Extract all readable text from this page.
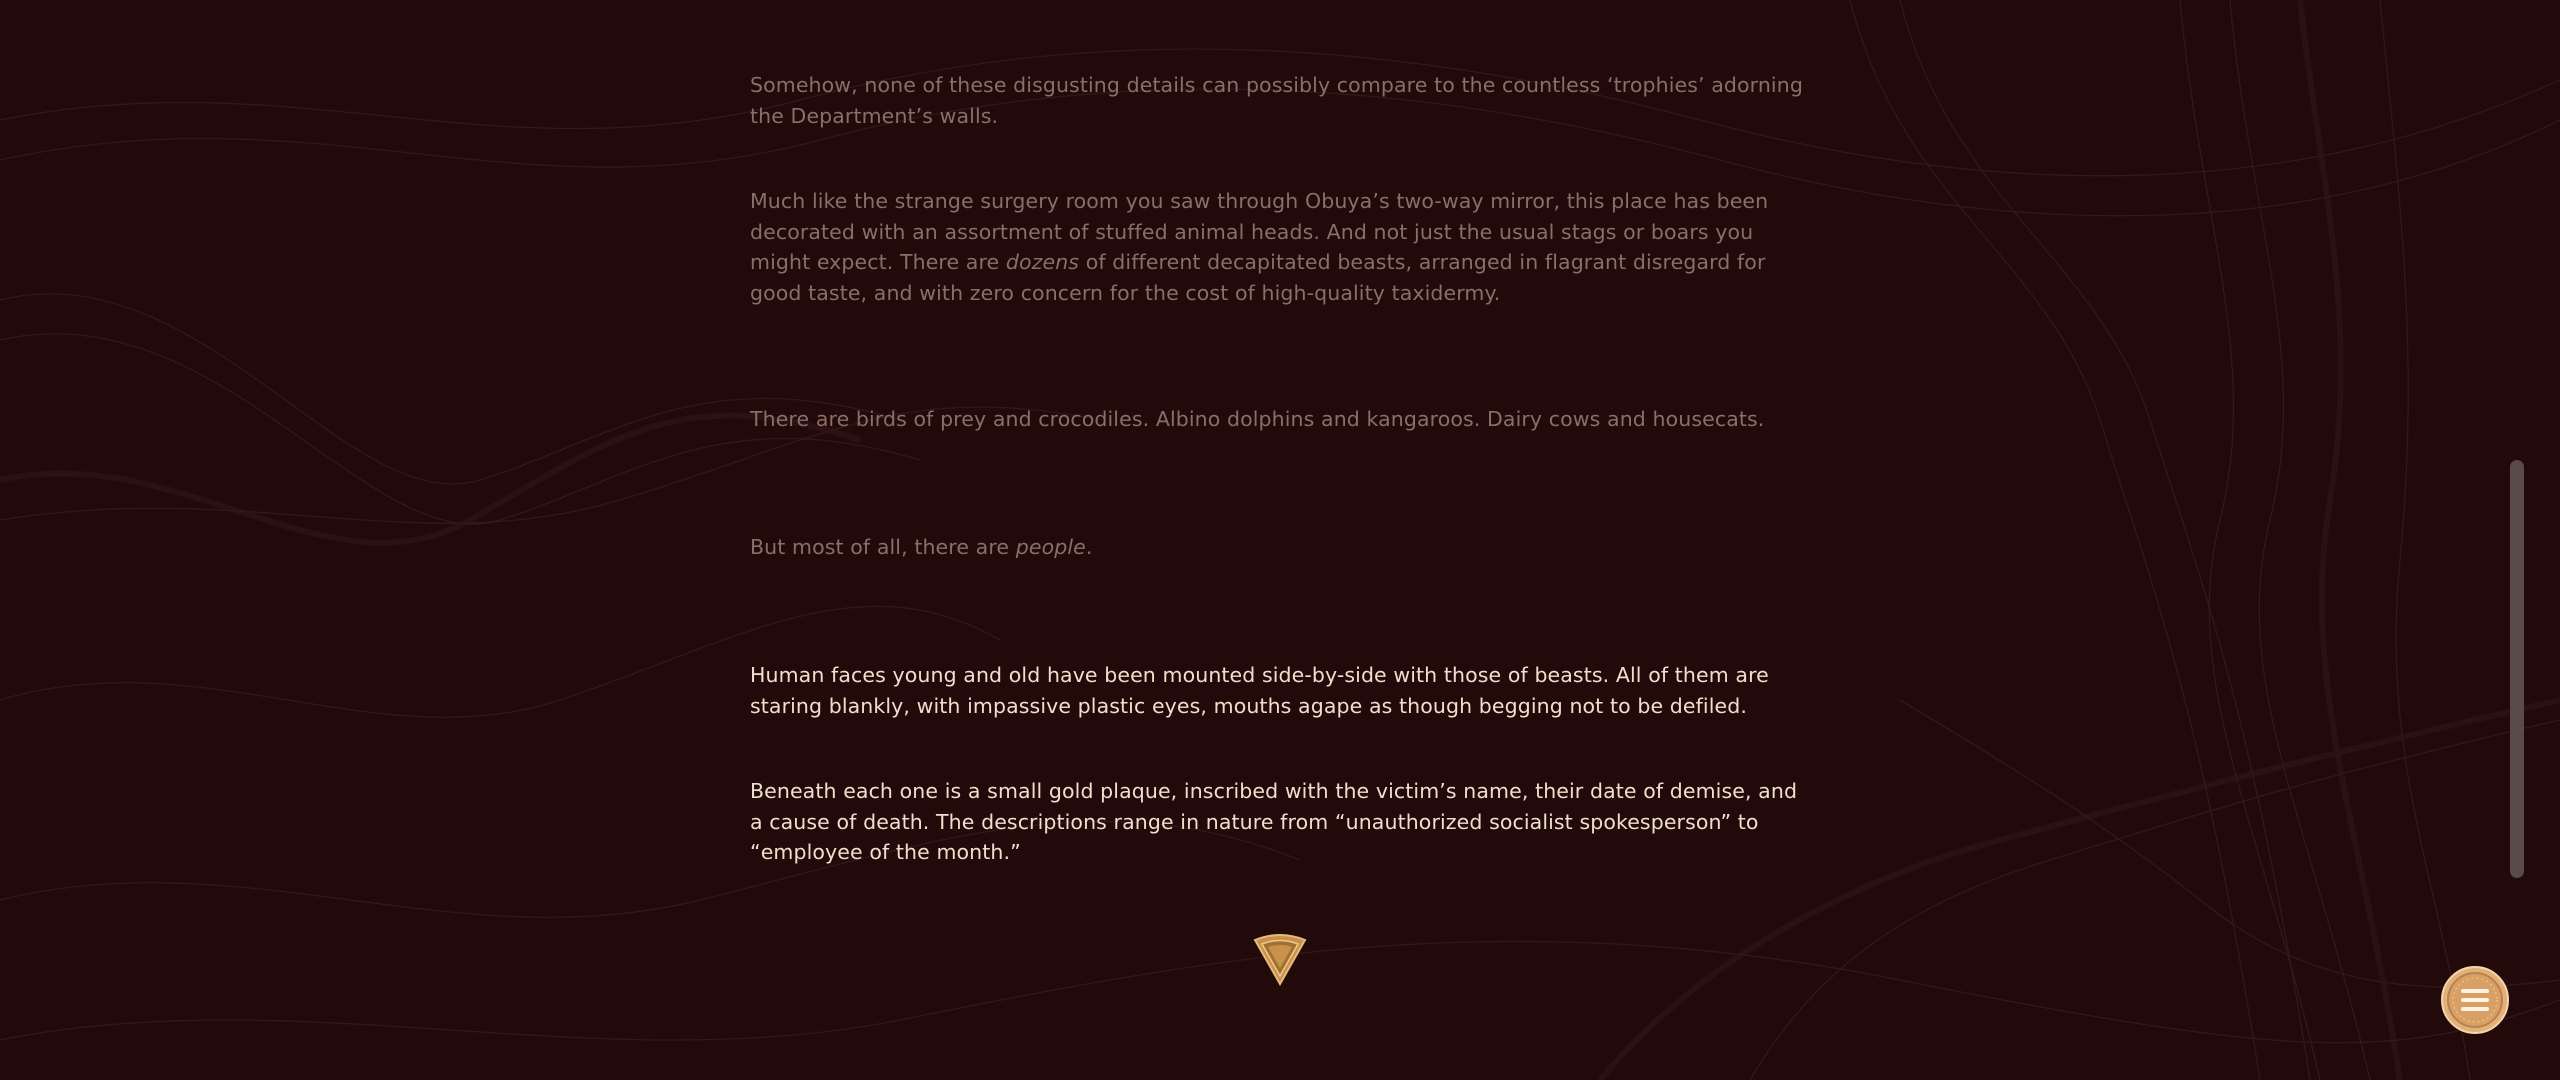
Somehow, none of these disgusting details can possibly compare to the countless ‘trophies’ adorning the Department’s walls.

Much like the strange surgery room you saw through Obuya’s two-way mirror, this place has been decorated with an assortment of stuffed animal heads. And not just the usual stags or boars you might expect. There are dozens of different decapitated beasts, arranged in flagrant disregard for good taste, and with zero concern for the cost of high-quality taxidermy.

There are birds of prey and crocodiles. Albino dolphins and kangaroos. Dairy cows and housecats.

But most of all, there are people.

Human faces young and old have been mounted side-by-side with those of beasts. All of them are staring blankly, with impassive plastic eyes, mouths agape as though begging not to be defiled.

Beneath each one is a small gold plaque, inscribed with the victim’s name, their date of demise, and a cause of death. The descriptions range in nature from “unauthorized socialist spokesperson” to “employee of the month.”
